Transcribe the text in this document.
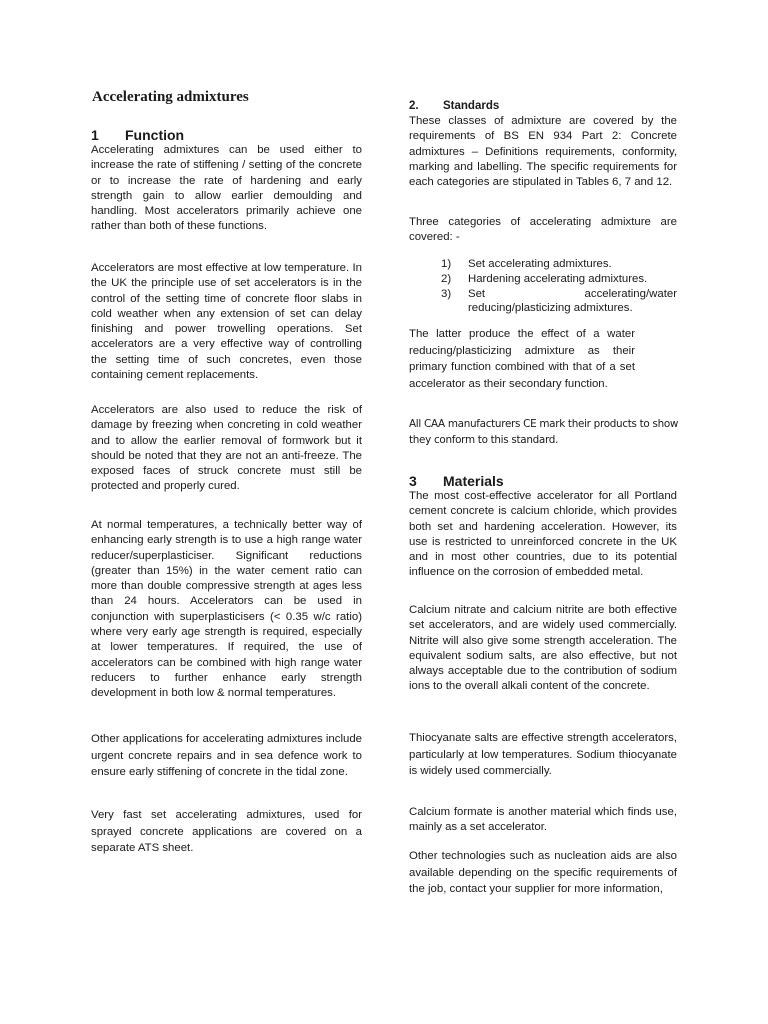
Accelerating admixtures
1 Function

Accelerating admixtures can be used either to increase the rate of stiffening / setting of the concrete or to increase the rate of hardening and early strength gain to allow earlier demoulding and handling. Most accelerators primarily achieve one rather than both of these functions.

Accelerators are most effective at low temperature. In the UK the principle use of set accelerators is in the control of the setting time of concrete floor slabs in cold weather when any extension of set can delay finishing and power trowelling operations. Set accelerators are a very effective way of controlling the setting time of such concretes, even those containing cement replacements.

Accelerators are also used to reduce the risk of damage by freezing when concreting in cold weather and to allow the earlier removal of formwork but it should be noted that they are not an anti-freeze. The exposed faces of struck concrete must still be protected and properly cured.

At normal temperatures, a technically better way of enhancing early strength is to use a high range water reducer/superplasticiser. Significant reductions (greater than 15%) in the water cement ratio can more than double compressive strength at ages less than 24 hours. Accelerators can be used in conjunction with superplasticisers (< 0.35 w/c ratio) where very early age strength is required, especially at lower temperatures. If required, the use of accelerators can be combined with high range water reducers to further enhance early strength development in both low & normal temperatures.

Other applications for accelerating admixtures include urgent concrete repairs and in sea defence work to ensure early stiffening of concrete in the tidal zone.

Very fast set accelerating admixtures, used for sprayed concrete applications are covered on a separate ATS sheet.

2. Standards

These classes of admixture are covered by the requirements of BS EN 934 Part 2: Concrete admixtures – Definitions requirements, conformity, marking and labelling. The specific requirements for each categories are stipulated in Tables 6, 7 and 12.

Three categories of accelerating admixture are covered: -

1) Set accelerating admixtures.
2) Hardening accelerating admixtures.
3) Set accelerating/water reducing/plasticizing admixtures.

The latter produce the effect of a water reducing/plasticizing admixture as their primary function combined with that of a set accelerator as their secondary function.

All CAA manufacturers CE mark their products to show they conform to this standard.

3 Materials

The most cost-effective accelerator for all Portland cement concrete is calcium chloride, which provides both set and hardening acceleration. However, its use is restricted to unreinforced concrete in the UK and in most other countries, due to its potential influence on the corrosion of embedded metal.

Calcium nitrate and calcium nitrite are both effective set accelerators, and are widely used commercially. Nitrite will also give some strength acceleration. The equivalent sodium salts, are also effective, but not always acceptable due to the contribution of sodium ions to the overall alkali content of the concrete.

Thiocyanate salts are effective strength accelerators, particularly at low temperatures. Sodium thiocyanate is widely used commercially.

Calcium formate is another material which finds use, mainly as a set accelerator.

Other technologies such as nucleation aids are also available depending on the specific requirements of the job, contact your supplier for more information,
